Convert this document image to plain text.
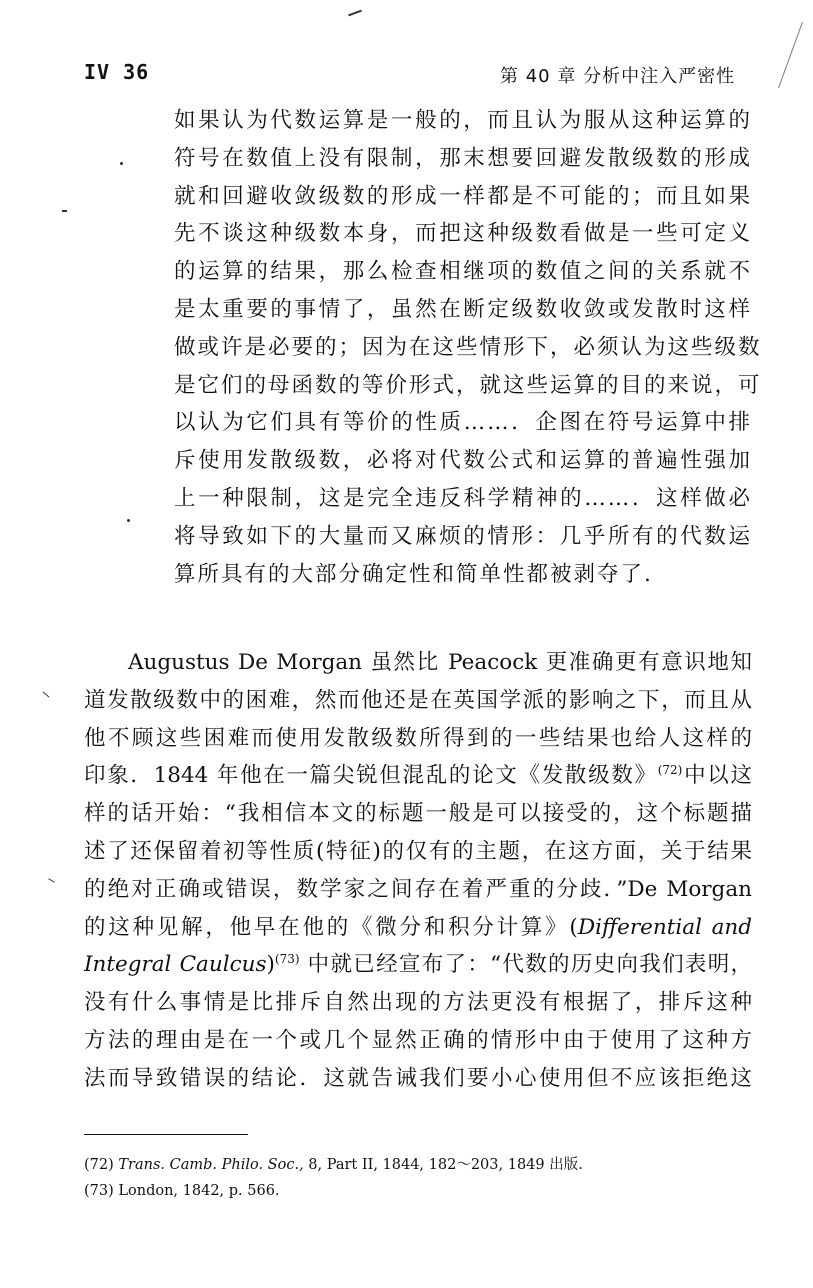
IV 36	第 40 章 分析中注入严密性
如果认为代数运算是一般的，而且认为服从这种运算的
符号在数值上没有限制，那末想要回避发散级数的形成
就和回避收敛级数的形成一样都是不可能的；而且如果
先不谈这种级数本身，而把这种级数看做是一些可定义
的运算的结果，那么检查相继项的数值之间的关系就不
是太重要的事情了，虽然在断定级数收敛或发散时这样
做或许是必要的；因为在这些情形下，必须认为这些级数
是它们的母函数的等价形式，就这些运算的目的来说，可
以认为它们具有等价的性质……．企图在符号运算中排
斥使用发散级数，必将对代数公式和运算的普遍性强加
上一种限制，这是完全违反科学精神的……．这样做必
将导致如下的大量而又麻烦的情形：几乎所有的代数运
算所具有的大部分确定性和简单性都被剥夺了.
Augustus De Morgan 虽然比 Peacock 更准确更有意识地知
道发散级数中的困难，然而他还是在英国学派的影响之下，而且从
他不顾这些困难而使用发散级数所得到的一些结果也给人这样的
印象．1844 年他在一篇尖锐但混乱的论文《发散级数》$^{(72)}$中以这
样的话开始：“我相信本文的标题一般是可以接受的，这个标题描
述了还保留着初等性质(特征)的仅有的主题，在这方面，关于结果
的绝对正确或错误，数学家之间存在着严重的分歧．”De Morgan
的这种见解，他早在他的《微分和积分计算》(Differential and
Integral Caulcus)$^{(73)}$ 中就已经宣布了：“代数的历史向我们表明，
没有什么事情是比排斥自然出现的方法更没有根据了，排斥这种
方法的理由是在一个或几个显然正确的情形中由于使用了这种方
法而导致错误的结论．这就告诫我们要小心使用但不应该拒绝这
(72) Trans. Camb. Philo. Soc., 8, Part II, 1844, 182～203, 1849 出版.
(73) London, 1842, p. 566.
